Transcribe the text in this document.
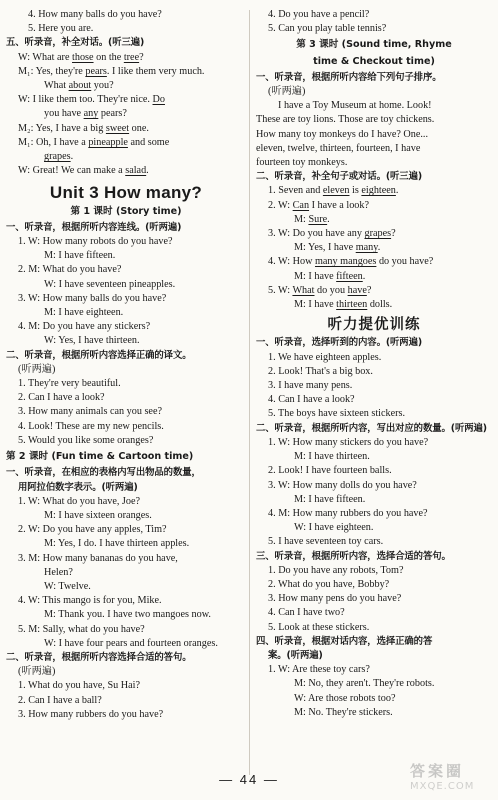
4. How many balls do you have?
5. Here you are.
五、听录音，补全对话。(听三遍)
W: What are those on the tree?
M₁: Yes, they're pears. I like them very much.
What about you?
W: I like them too. They're nice. Do
you have any pears?
M₂: Yes, I have a big sweet one.
M₁: Oh, I have a pineapple and some
grapes.
W: Great! We can make a salad.
Unit 3 How many?
第 1 课时 (Story time)
一、听录音，根据所听内容连线。(听两遍)
1. W: How many robots do you have?
M: I have fifteen.
2. M: What do you have?
W: I have seventeen pineapples.
3. W: How many balls do you have?
M: I have eighteen.
4. M: Do you have any stickers?
W: Yes, I have thirteen.
二、听录音，根据所听内容选择正确的译文。
(听两遍)
1. They're very beautiful.
2. Can I have a look?
3. How many animals can you see?
4. Look! These are my new pencils.
5. Would you like some oranges?
第 2 课时 (Fun time & Cartoon time)
一、听录音，在相应的表格内写出物品的数量，
用阿拉伯数字表示。(听两遍)
1. W: What do you have, Joe?
M: I have sixteen oranges.
2. W: Do you have any apples, Tim?
M: Yes, I do. I have thirteen apples.
3. M: How many bananas do you have,
Helen?
W: Twelve.
4. W: This mango is for you, Mike.
M: Thank you. I have two mangoes now.
5. M: Sally, what do you have?
W: I have four pears and fourteen oranges.
二、听录音，根据所听内容选择合适的答句。
(听两遍)
1. What do you have, Su Hai?
2. Can I have a ball?
3. How many rubbers do you have?
4. Do you have a pencil?
5. Can you play table tennis?
第 3 课时 (Sound time, Rhyme
time & Checkout time)
一、听录音，根据所听内容给下列句子排序。
(听两遍)
I have a Toy Museum at home. Look!
These are toy lions. Those are toy chickens.
How many toy monkeys do I have? One...
eleven, twelve, thirteen, fourteen, I have
fourteen toy monkeys.
二、听录音，补全句子或对话。(听三遍)
1. Seven and eleven is eighteen.
2. W: Can I have a look?
M: Sure.
3. W: Do you have any grapes?
M: Yes, I have many.
4. W: How many mangoes do you have?
M: I have fifteen.
5. W: What do you have?
M: I have thirteen dolls.
听力提优训练
一、听录音，选择听到的内容。(听两遍)
1. We have eighteen apples.
2. Look! That's a big box.
3. I have many pens.
4. Can I have a look?
5. The boys have sixteen stickers.
二、听录音，根据所听内容，写出对应的数量。(听两遍)
1. W: How many stickers do you have?
M: I have thirteen.
2. Look! I have fourteen balls.
3. W: How many dolls do you have?
M: I have fifteen.
4. M: How many rubbers do you have?
W: I have eighteen.
5. I have seventeen toy cars.
三、听录音，根据所听内容，选择合适的答句。
1. Do you have any robots, Tom?
2. What do you have, Bobby?
3. How many pens do you have?
4. Can I have two?
5. Look at these stickers.
四、听录音，根据对话内容，选择正确的答
案。(听两遍)
1. W: Are these toy cars?
M: No, they aren't. They're robots.
W: Are those robots too?
M: No. They're stickers.
— 44 —	答案圈
MXQE.COM
